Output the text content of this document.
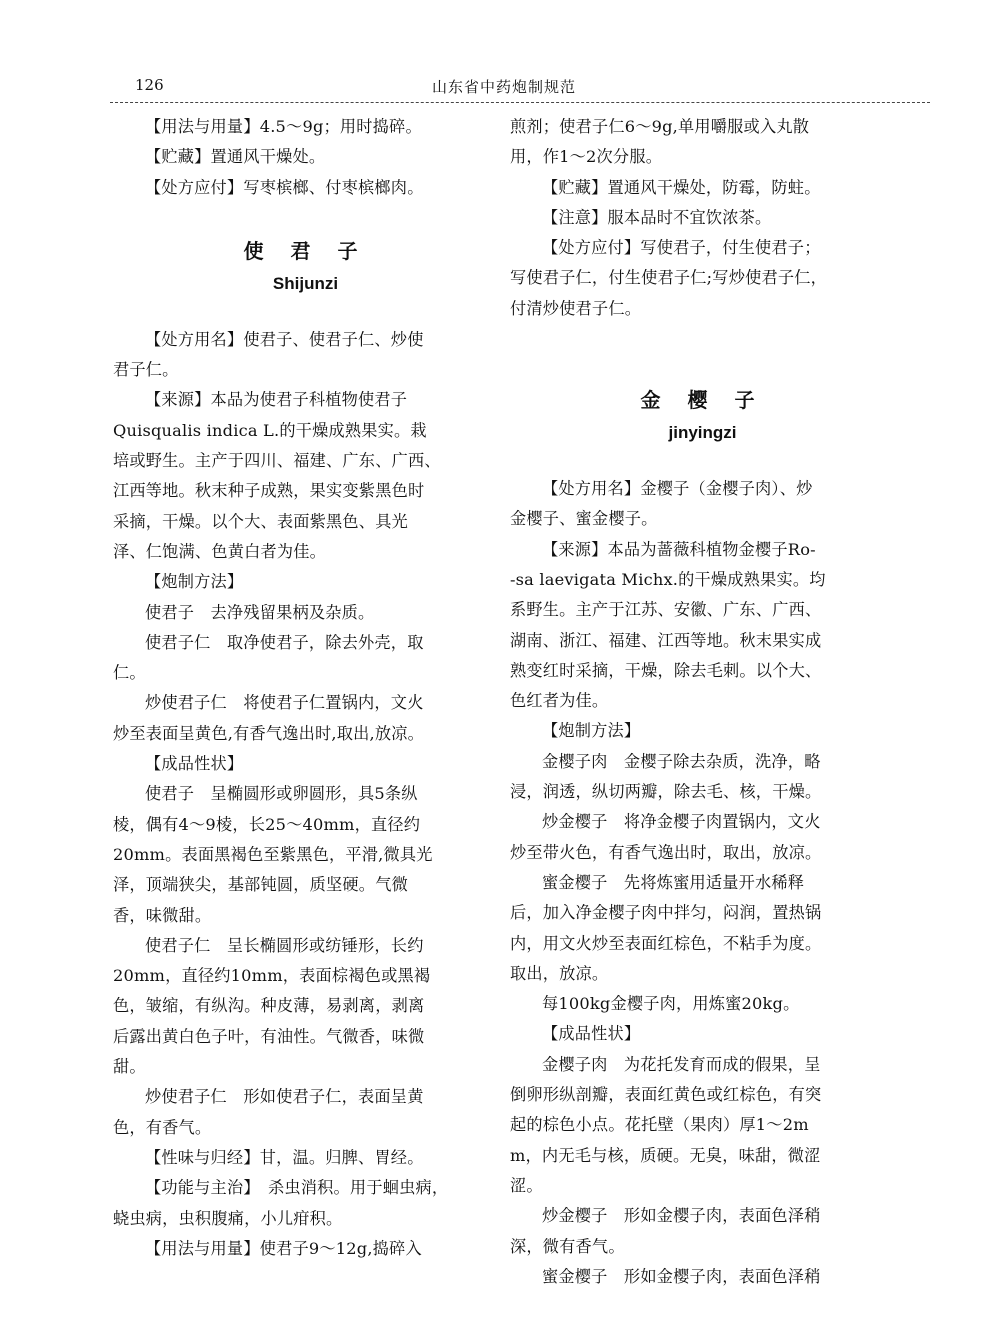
126	山东省中药炮制规范
【用法与用量】4.5～9g；用时捣碎。
【贮藏】置通风干燥处。
【处方应付】写枣槟榔、付枣槟榔肉。
使 君 子
Shijunzi
【处方用名】使君子、使君子仁、炒使
君子仁。
【来源】本品为使君子科植物使君子
Quisqualis indica L.的干燥成熟果实。栽
培或野生。主产于四川、福建、广东、广西、
江西等地。秋末种子成熟，果实变紫黑色时
采摘，干燥。以个大、表面紫黑色、具光
泽、仁饱满、色黄白者为佳。
【炮制方法】
使君子　去净残留果柄及杂质。
使君子仁　取净使君子，除去外壳，取
仁。
炒使君子仁　将使君子仁置锅内，文火
炒至表面呈黄色,有香气逸出时,取出,放凉。
【成品性状】
使君子　呈椭圆形或卵圆形，具5条纵
棱，偶有4～9棱，长25～40mm，直径约
20mm。表面黑褐色至紫黑色，平滑,微具光
泽，顶端狭尖，基部钝圆，质坚硬。气微
香，味微甜。
使君子仁　呈长椭圆形或纺锤形，长约
20mm，直径约10mm，表面棕褐色或黑褐
色，皱缩，有纵沟。种皮薄，易剥离，剥离
后露出黄白色子叶，有油性。气微香，味微
甜。
炒使君子仁　形如使君子仁，表面呈黄
色，有香气。
【性味与归经】甘，温。归脾、胃经。
【功能与主治】　杀虫消积。用于蛔虫病，
蛲虫病，虫积腹痛，小儿疳积。
【用法与用量】使君子9～12g,捣碎入
煎剂；使君子仁6～9g,单用嚼服或入丸散
用，作1～2次分服。
【贮藏】置通风干燥处，防霉，防蛀。
【注意】服本品时不宜饮浓茶。
【处方应付】写使君子，付生使君子；
写使君子仁，付生使君子仁;写炒使君子仁，
付清炒使君子仁。
金 樱 子
jinyingzi
【处方用名】金樱子（金樱子肉）、炒
金樱子、蜜金樱子。
【来源】本品为蔷薇科植物金樱子Ro-
-sa laevigata Michx.的干燥成熟果实。均
系野生。主产于江苏、安徽、广东、广西、
湖南、浙江、福建、江西等地。秋末果实成
熟变红时采摘，干燥，除去毛刺。以个大、
色红者为佳。
【炮制方法】
金樱子肉　金樱子除去杂质，洗净，略
浸，润透，纵切两瓣，除去毛、核，干燥。
炒金樱子　将净金樱子肉置锅内，文火
炒至带火色，有香气逸出时，取出，放凉。
蜜金樱子　先将炼蜜用适量开水稀释
后，加入净金樱子肉中拌匀，闷润，置热锅
内，用文火炒至表面红棕色，不粘手为度。
取出，放凉。
每100kg金樱子肉，用炼蜜20kg。
【成品性状】
金樱子肉　为花托发育而成的假果，呈
倒卵形纵剖瓣，表面红黄色或红棕色，有突
起的棕色小点。花托壁（果肉）厚1～2m
m，内无毛与核，质硬。无臭，味甜，微涩
涩。
炒金樱子　形如金樱子肉，表面色泽稍
深，微有香气。
蜜金樱子　形如金樱子肉，表面色泽稍
